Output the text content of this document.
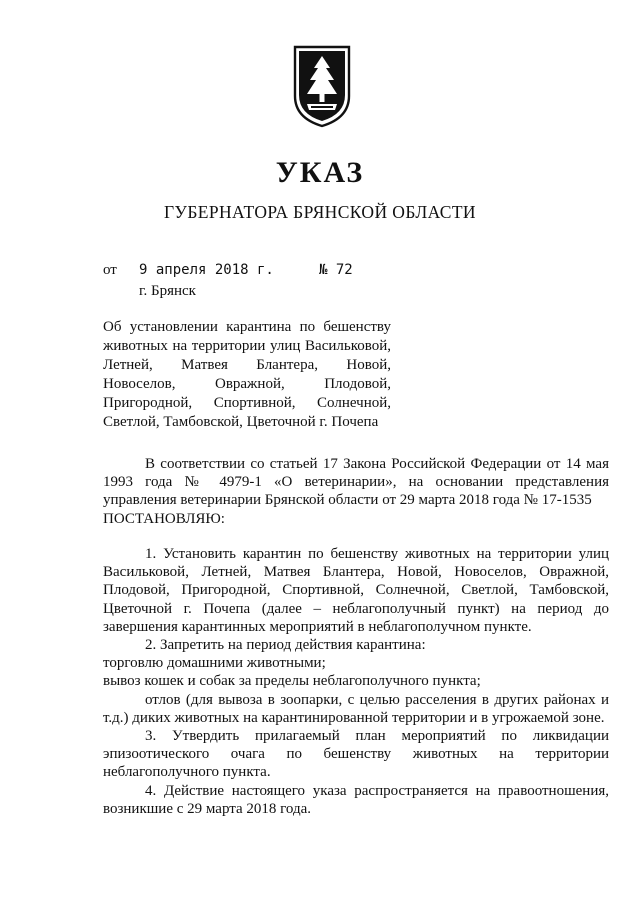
УКАЗ
ГУБЕРНАТОРА БРЯНСКОЙ ОБЛАСТИ
от 9 апреля 2018 г.	№ 72
г. Брянск
Об установлении карантина по бешенству животных на территории улиц Васильковой, Летней, Матвея Блантера, Новой, Новоселов, Овражной, Плодовой, Пригородной, Спортивной, Солнечной, Светлой, Тамбовской, Цветочной г. Почепа

В соответствии со статьей 17 Закона Российской Федерации от 14 мая 1993 года № 4979-1 «О ветеринарии», на основании представления управления ветеринарии Брянской области от 29 марта 2018 года № 17-1535

ПОСТАНОВЛЯЮ:

1. Установить карантин по бешенству животных на территории улиц Васильковой, Летней, Матвея Блантера, Новой, Новоселов, Овражной, Плодовой, Пригородной, Спортивной, Солнечной, Светлой, Тамбовской, Цветочной г. Почепа (далее – неблагополучный пункт) на период до завершения карантинных мероприятий в неблагополучном пункте.

2. Запретить на период действия карантина:

торговлю домашними животными;

вывоз кошек и собак за пределы неблагополучного пункта;

отлов (для вывоза в зоопарки, с целью расселения в других районах и т.д.) диких животных на карантинированной территории и в угрожаемой зоне.

3. Утвердить прилагаемый план мероприятий по ликвидации эпизоотического очага по бешенству животных на территории неблагополучного пункта.

4. Действие настоящего указа распространяется на правоотношения, возникшие с 29 марта 2018 года.
